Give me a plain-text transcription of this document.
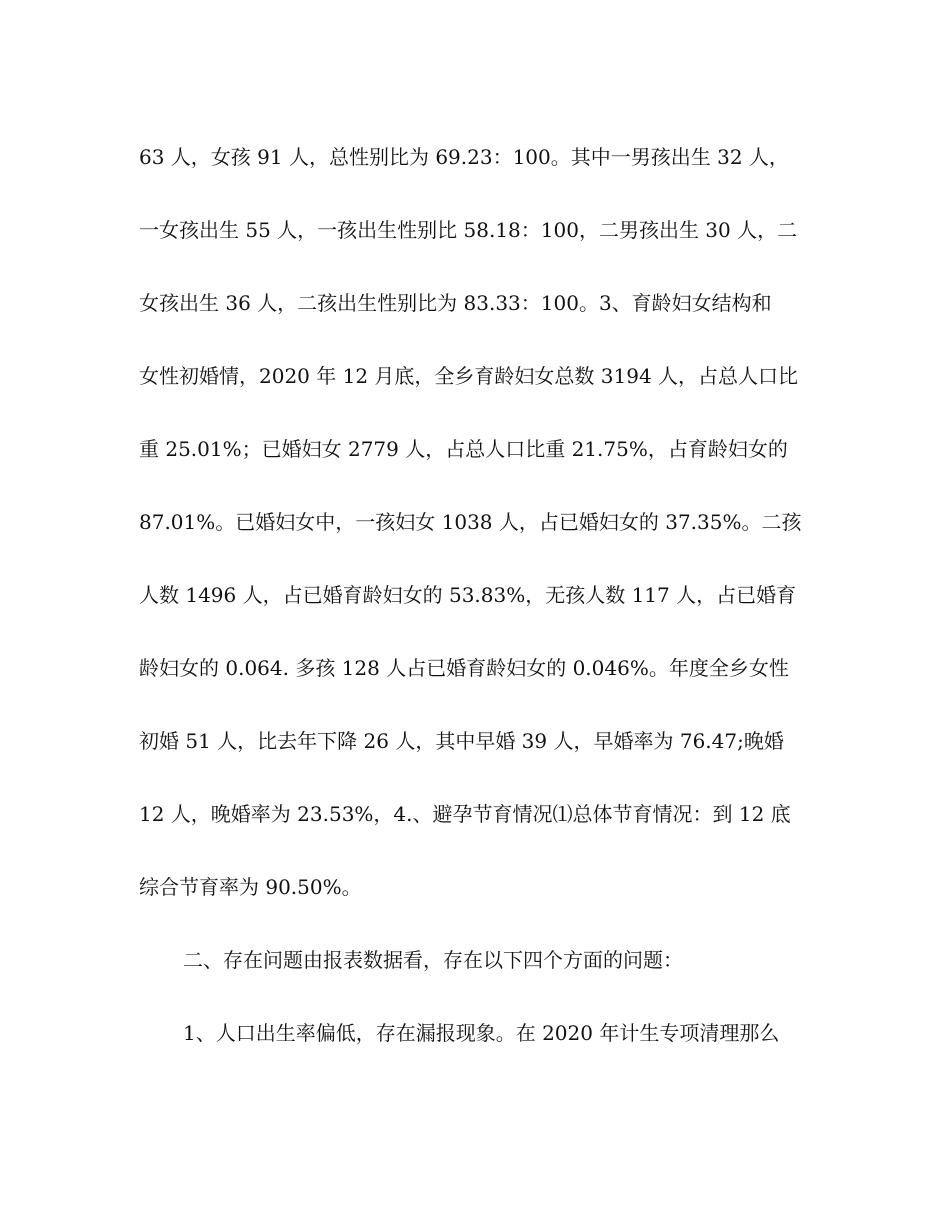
63 人，女孩 91 人，总性别比为 69.23：100。其中一男孩出生 32 人，
一女孩出生 55 人，一孩出生性别比 58.18：100，二男孩出生 30 人，二
女孩出生 36 人，二孩出生性别比为 83.33：100。3、育龄妇女结构和
女性初婚情，2020 年 12 月底，全乡育龄妇女总数 3194 人，占总人口比
重 25.01%；已婚妇女 2779 人，占总人口比重 21.75%，占育龄妇女的
87.01%。已婚妇女中，一孩妇女 1038 人，占已婚妇女的 37.35%。二孩
人数 1496 人，占已婚育龄妇女的 53.83%，无孩人数 117 人，占已婚育
龄妇女的 0.064. 多孩 128 人占已婚育龄妇女的 0.046%。年度全乡女性
初婚 51 人，比去年下降 26 人，其中早婚 39 人，早婚率为 76.47;晚婚
12 人，晚婚率为 23.53%，4.、避孕节育情况⑴总体节育情况：到 12 底
综合节育率为 90.50%。
二、存在问题由报表数据看，存在以下四个方面的问题：
1、人口出生率偏低，存在漏报现象。在 2020 年计生专项清理那么
